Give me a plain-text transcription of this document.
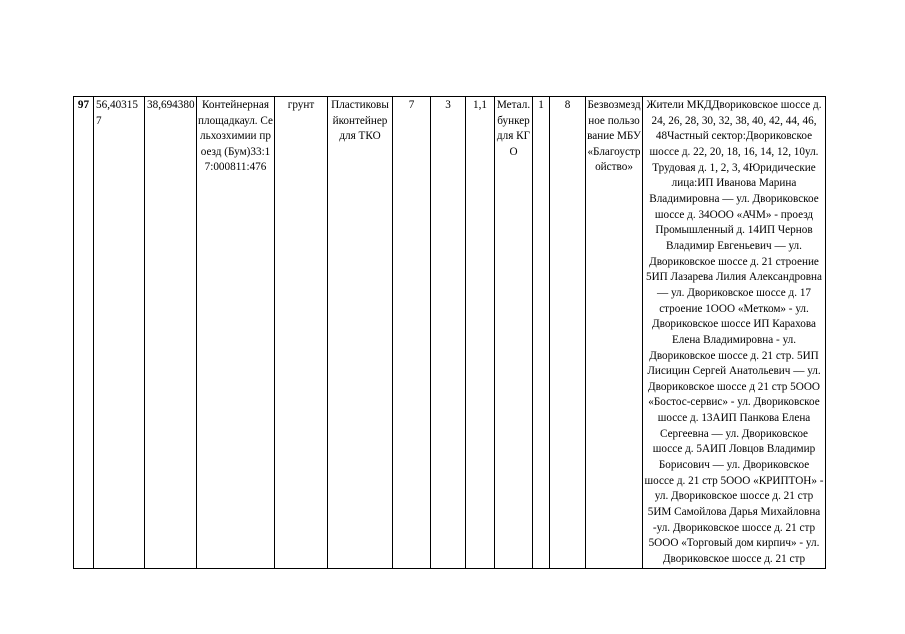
97	56,403157	38,694380	Контейнерная площадкаул. Сельхозхимии проезд (Бум)33:17:000811:476	грунт	Пластиковыйконтейнер для ТКО	7	3	1,1	Метал. бункер для КГО	1	8	Безвозмездное пользование МБУ «Благоустройство»	Жители МКДДвориковское шоссе д. 24, 26, 28, 30, 32, 38, 40, 42, 44, 46, 48Частный сектор:Двориковское шоссе д. 22, 20, 18, 16, 14, 12, 10ул. Трудовая д. 1, 2, 3, 4Юридические лица:ИП Иванова Марина Владимировна — ул. Двориковское шоссе д. 34ООО «АЧМ» - проезд Промышленный д. 14ИП Чернов Владимир Евгеньевич — ул. Двориковское шоссе д. 21 строение 5ИП Лазарева Лилия Александровна — ул. Двориковское шоссе д. 17 строение 1ООО «Метком» - ул. Двориковское шоссе ИП Карахова Елена Владимировна - ул. Двориковское шоссе д. 21 стр. 5ИП Лисицин Сергей Анатольевич — ул. Двориковское шоссе д 21 стр 5ООО «Бостос-сервис» - ул. Двориковское шоссе д. 13АИП Панкова Елена Сергеевна — ул. Двориковское шоссе д. 5АИП Ловцов Владимир Борисович — ул. Двориковское шоссе д. 21 стр 5ООО «КРИПТОН» - ул. Двориковское шоссе д. 21 стр 5ИМ Самойлова Дарья Михайловна -ул. Двориковское шоссе д. 21 стр 5ООО «Торговый дом кирпич» - ул. Двориковское шоссе д. 21 стр
